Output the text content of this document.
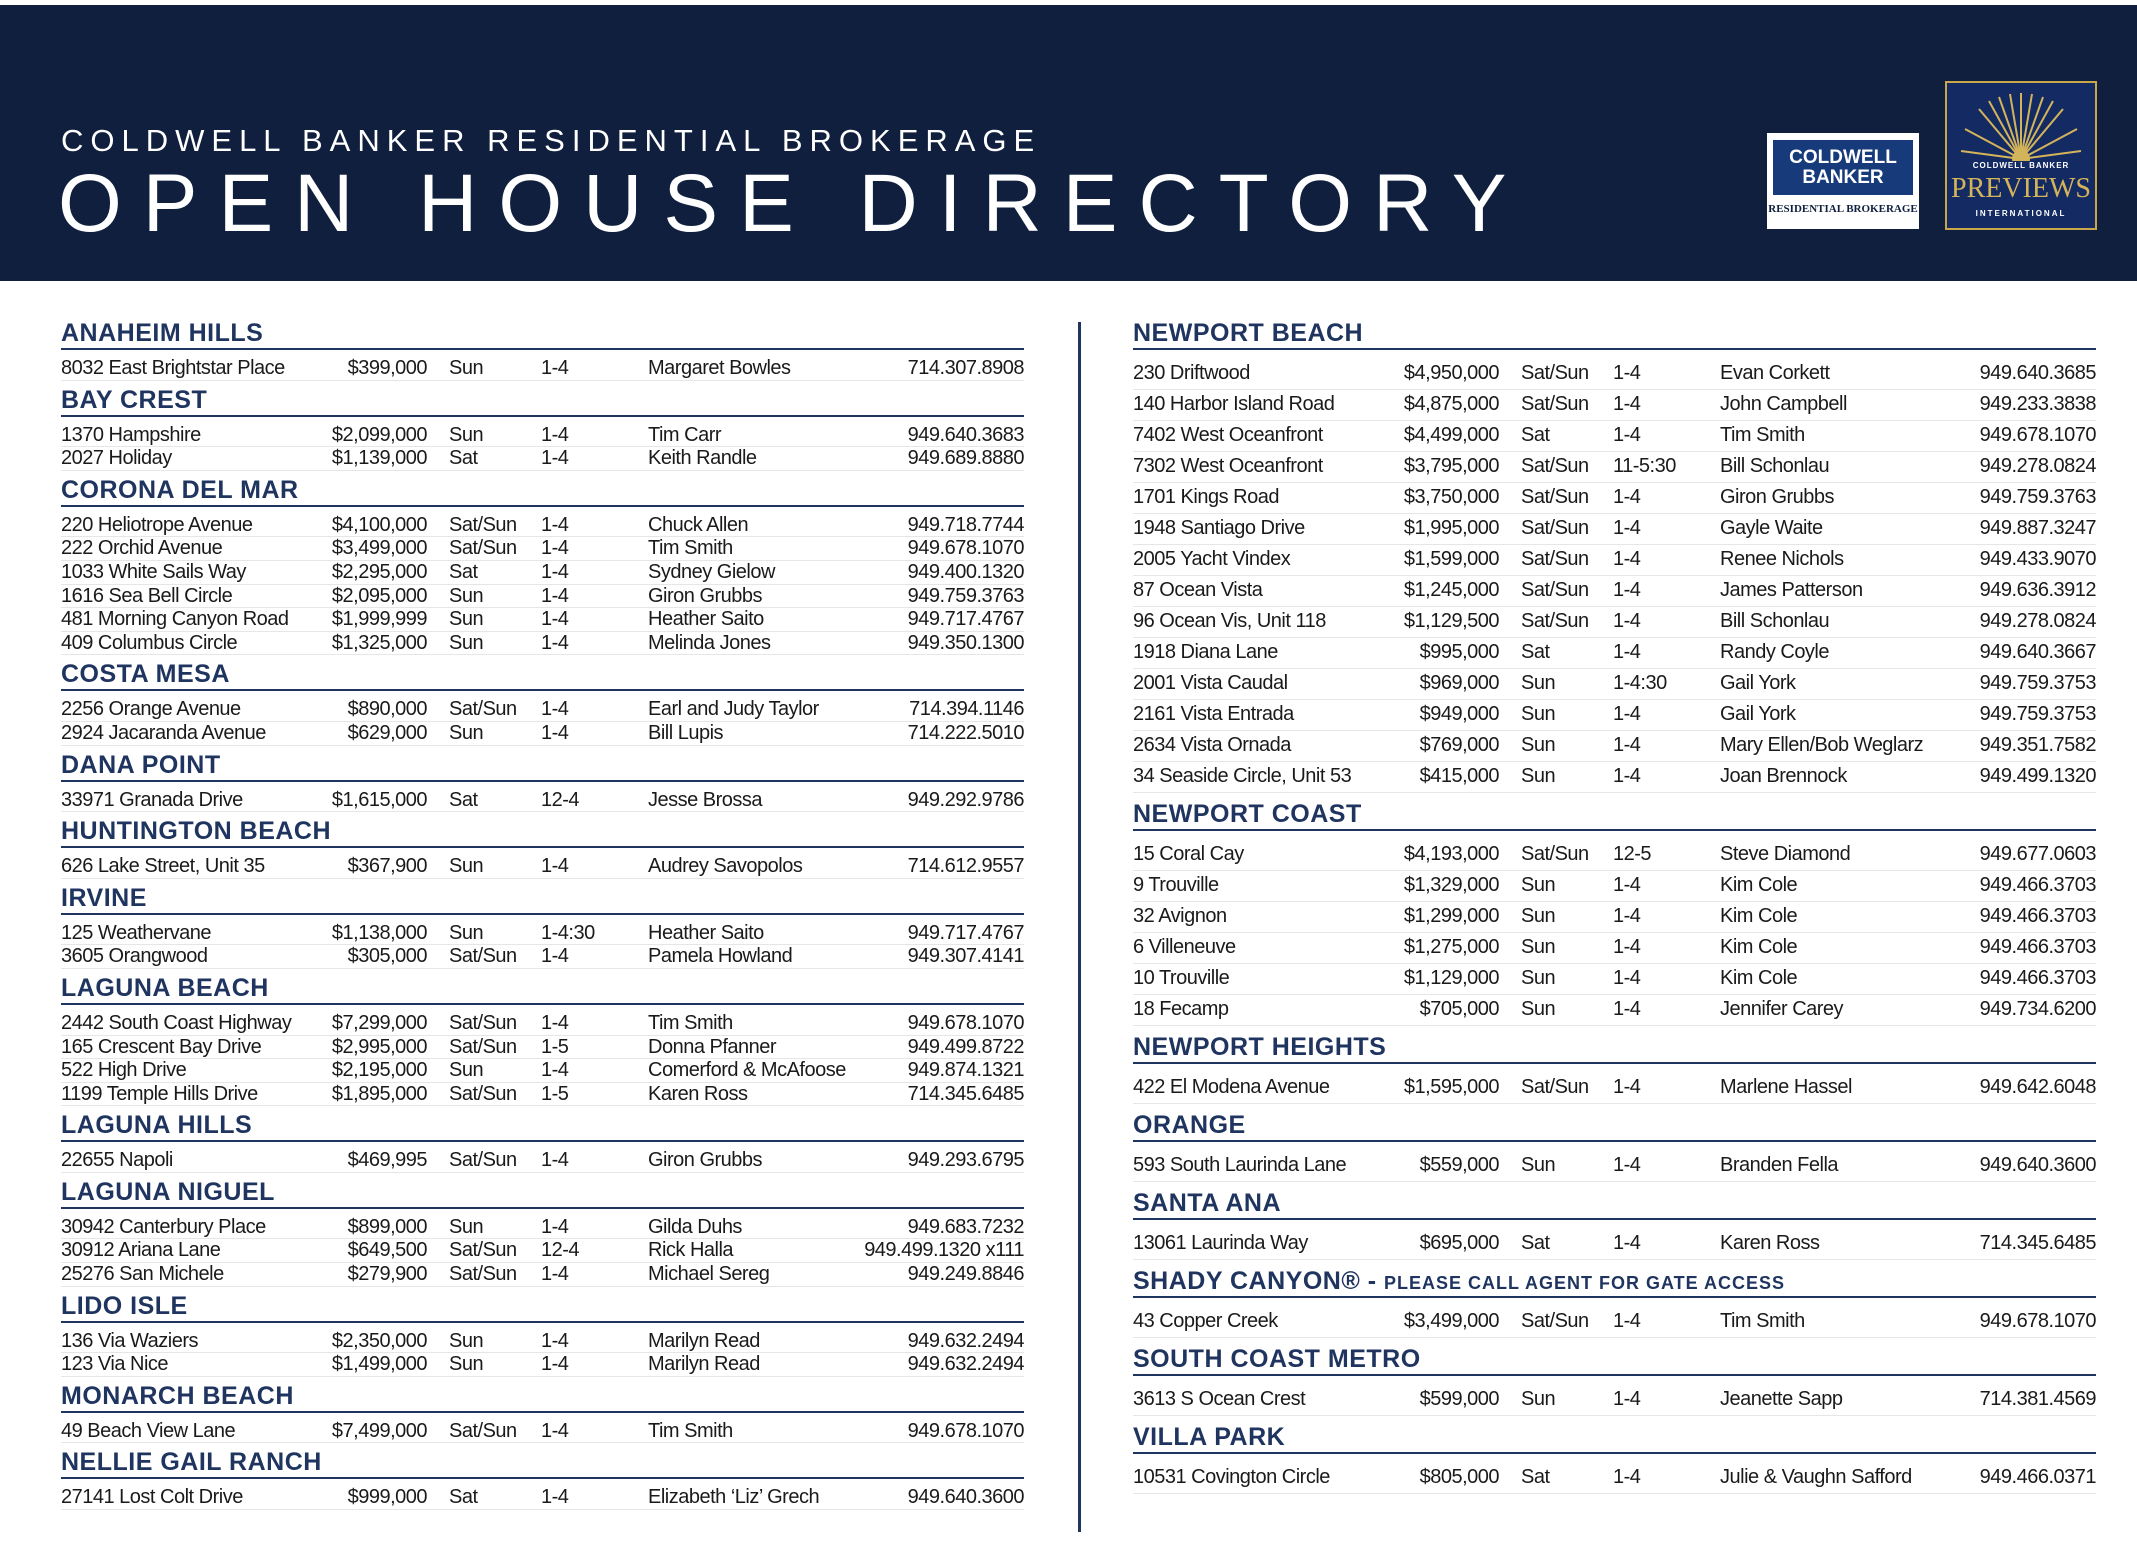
COLDWELL BANKER RESIDENTIAL BROKERAGE
OPEN HOUSE DIRECTORY
COLDWELL
BANKER
RESIDENTIAL BROKERAGE
COLDWELL BANKER
PREVIEWS
INTERNATIONAL
ANAHEIM HILLS
8032 East Brightstar Place	$399,000 Sun	1-4	Margaret Bowles	714.307.8908
BAY CREST
1370 Hampshire	$2,099,000 Sun	1-4	Tim Carr	949.640.3683
2027 Holiday	$1,139,000 Sat	1-4	Keith Randle	949.689.8880
CORONA DEL MAR
220 Heliotrope Avenue	$4,100,000 Sat/Sun 1-4	Chuck Allen	949.718.7744
222 Orchid Avenue	$3,499,000 Sat/Sun 1-4	Tim Smith	949.678.1070
1033 White Sails Way	$2,295,000 Sat	1-4	Sydney Gielow	949.400.1320
1616 Sea Bell Circle	$2,095,000 Sun	1-4	Giron Grubbs	949.759.3763
481 Morning Canyon Road $1,999,999 Sun	1-4	Heather Saito	949.717.4767
409 Columbus Circle	$1,325,000 Sun	1-4	Melinda Jones	949.350.1300
COSTA MESA
2256 Orange Avenue	$890,000 Sat/Sun 1-4	Earl and Judy Taylor	714.394.1146
2924 Jacaranda Avenue	$629,000 Sun	1-4	Bill Lupis	714.222.5010
DANA POINT
33971 Granada Drive	$1,615,000 Sat	12-4	Jesse Brossa	949.292.9786
HUNTINGTON BEACH
626 Lake Street, Unit 35	$367,900 Sun	1-4	Audrey Savopolos	714.612.9557
IRVINE
125 Weathervane	$1,138,000 Sun	1-4:30	Heather Saito	949.717.4767
3605 Orangwood	$305,000 Sat/Sun 1-4	Pamela Howland	949.307.4141
LAGUNA BEACH
2442 South Coast Highway $7,299,000 Sat/Sun 1-4	Tim Smith	949.678.1070
165 Crescent Bay Drive	$2,995,000 Sat/Sun 1-5	Donna Pfanner	949.499.8722
522 High Drive	$2,195,000 Sun	1-4	Comerford & McAfoose	949.874.1321
1199 Temple Hills Drive	$1,895,000 Sat/Sun 1-5	Karen Ross	714.345.6485
LAGUNA HILLS
22655 Napoli	$469,995 Sat/Sun 1-4	Giron Grubbs	949.293.6795
LAGUNA NIGUEL
30942 Canterbury Place	$899,000 Sun	1-4	Gilda Duhs	949.683.7232
30912 Ariana Lane	$649,500 Sat/Sun 12-4	Rick Halla	949.499.1320 x111
25276 San Michele	$279,900 Sat/Sun 1-4	Michael Sereg	949.249.8846
LIDO ISLE
136 Via Waziers	$2,350,000 Sun	1-4	Marilyn Read	949.632.2494
123 Via Nice	$1,499,000 Sun	1-4	Marilyn Read	949.632.2494
MONARCH BEACH
49 Beach View Lane	$7,499,000 Sat/Sun 1-4	Tim Smith	949.678.1070
NELLIE GAIL RANCH
27141 Lost Colt Drive	$999,000 Sat	1-4	Elizabeth ‘Liz’ Grech	949.640.3600
NEWPORT BEACH
230 Driftwood	$4,950,000 Sat/Sun 1-4	Evan Corkett	949.640.3685
140 Harbor Island Road	$4,875,000 Sat/Sun 1-4	John Campbell	949.233.3838
7402 West Oceanfront	$4,499,000 Sat	1-4	Tim Smith	949.678.1070
7302 West Oceanfront	$3,795,000 Sat/Sun 11-5:30 Bill Schonlau	949.278.0824
1701 Kings Road	$3,750,000 Sat/Sun 1-4	Giron Grubbs	949.759.3763
1948 Santiago Drive	$1,995,000 Sat/Sun 1-4	Gayle Waite	949.887.3247
2005 Yacht Vindex	$1,599,000 Sat/Sun 1-4	Renee Nichols	949.433.9070
87 Ocean Vista	$1,245,000 Sat/Sun 1-4	James Patterson	949.636.3912
96 Ocean Vis, Unit 118	$1,129,500 Sat/Sun 1-4	Bill Schonlau	949.278.0824
1918 Diana Lane	$995,000 Sat	1-4	Randy Coyle	949.640.3667
2001 Vista Caudal	$969,000 Sun	1-4:30	Gail York	949.759.3753
2161 Vista Entrada	$949,000 Sun	1-4	Gail York	949.759.3753
2634 Vista Ornada	$769,000 Sun	1-4	Mary Ellen/Bob Weglarz	949.351.7582
34 Seaside Circle, Unit 53	$415,000 Sun	1-4	Joan Brennock	949.499.1320
NEWPORT COAST
15 Coral Cay	$4,193,000 Sat/Sun 12-5	Steve Diamond	949.677.0603
9 Trouville	$1,329,000 Sun	1-4	Kim Cole	949.466.3703
32 Avignon	$1,299,000 Sun	1-4	Kim Cole	949.466.3703
6 Villeneuve	$1,275,000 Sun	1-4	Kim Cole	949.466.3703
10 Trouville	$1,129,000 Sun	1-4	Kim Cole	949.466.3703
18 Fecamp	$705,000 Sun	1-4	Jennifer Carey	949.734.6200
NEWPORT HEIGHTS
422 El Modena Avenue	$1,595,000 Sat/Sun 1-4	Marlene Hassel	949.642.6048
ORANGE
593 South Laurinda Lane	$559,000 Sun	1-4	Branden Fella	949.640.3600
SANTA ANA
13061 Laurinda Way	$695,000 Sat	1-4	Karen Ross	714.345.6485
SHADY CANYON® - PLEASE CALL AGENT FOR GATE ACCESS
43 Copper Creek	$3,499,000 Sat/Sun 1-4	Tim Smith	949.678.1070
SOUTH COAST METRO
3613 S Ocean Crest	$599,000 Sun	1-4	Jeanette Sapp	714.381.4569
VILLA PARK
10531 Covington Circle	$805,000 Sat	1-4	Julie & Vaughn Safford	949.466.0371
